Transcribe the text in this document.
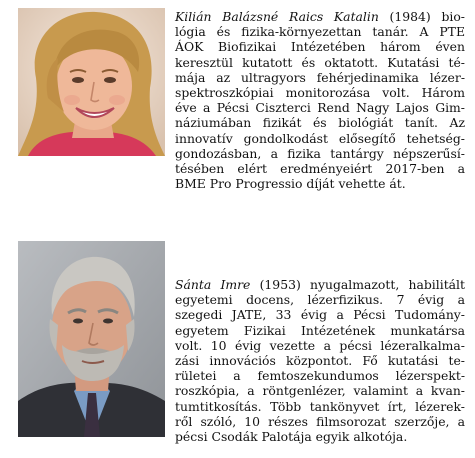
Kilián Balázsné Raics Katalin (1984) bio-
lógia és fizika-környezettan tanár. A PTE
ÁOK Biofizikai Intézetében három éven
keresztül kutatott és oktatott. Kutatási té-
mája az ultragyors fehérjedinamika lézer-
spektroszkópiai monitorozása volt. Három
éve a Pécsi Ciszterci Rend Nagy Lajos Gim-
náziumában fizikát és biológiát tanít. Az
innovatív gondolkodást elősegítő tehetség-
gondozásban, a fizika tantárgy népszerűsí-
tésében elért eredményeiért 2017-ben a
BME Pro Progressio díját vehette át.
Sánta Imre (1953) nyugalmazott, habilitált
egyetemi docens, lézerfizikus. 7 évig a
szegedi JATE, 33 évig a Pécsi Tudomány-
egyetem Fizikai Intézetének munkatársa
volt. 10 évig vezette a pécsi lézeralkalma-
zási innovációs központot. Fő kutatási te-
rületei a femtoszekundumos lézerspekt-
roszkópia, a röntgenlézer, valamint a kvan-
tumtitkosítás. Több tankönyvet írt, lézerek-
ről szóló, 10 részes filmsorozat szerzője, a
pécsi Csodák Palotája egyik alkotója.
